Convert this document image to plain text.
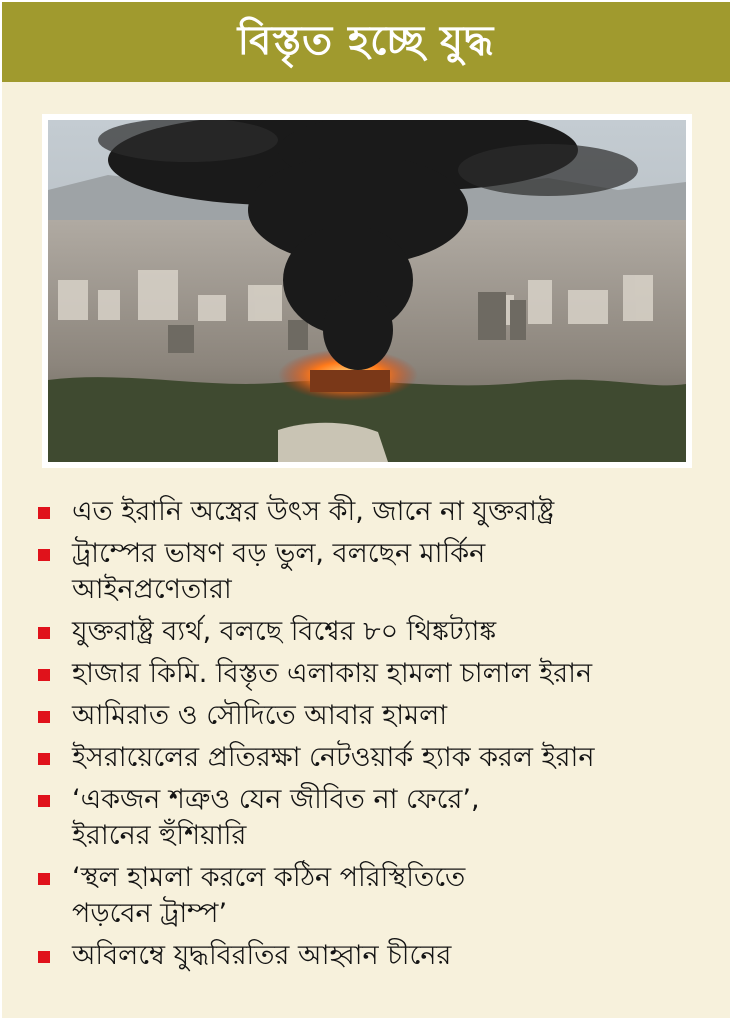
বিস্তৃত হচ্ছে যুদ্ধ
এত ইরানি অস্ত্রের উৎস কী, জানে না যুক্তরাষ্ট্র
ট্রাম্পের ভাষণ বড় ভুল, বলছেন মার্কিন
আইনপ্রণেতারা
যুক্তরাষ্ট্র ব্যর্থ, বলছে বিশ্বের ৮০ থিঙ্কট্যাঙ্ক
হাজার কিমি. বিস্তৃত এলাকায় হামলা চালাল ইরান
আমিরাত ও সৌদিতে আবার হামলা
ইসরায়েলের প্রতিরক্ষা নেটওয়ার্ক হ্যাক করল ইরান
‘একজন শত্রুও যেন জীবিত না ফেরে’,
ইরানের হুঁশিয়ারি
‘স্থল হামলা করলে কঠিন পরিস্থিতিতে
পড়বেন ট্রাম্প’
অবিলম্বে যুদ্ধবিরতির আহ্বান চীনের
